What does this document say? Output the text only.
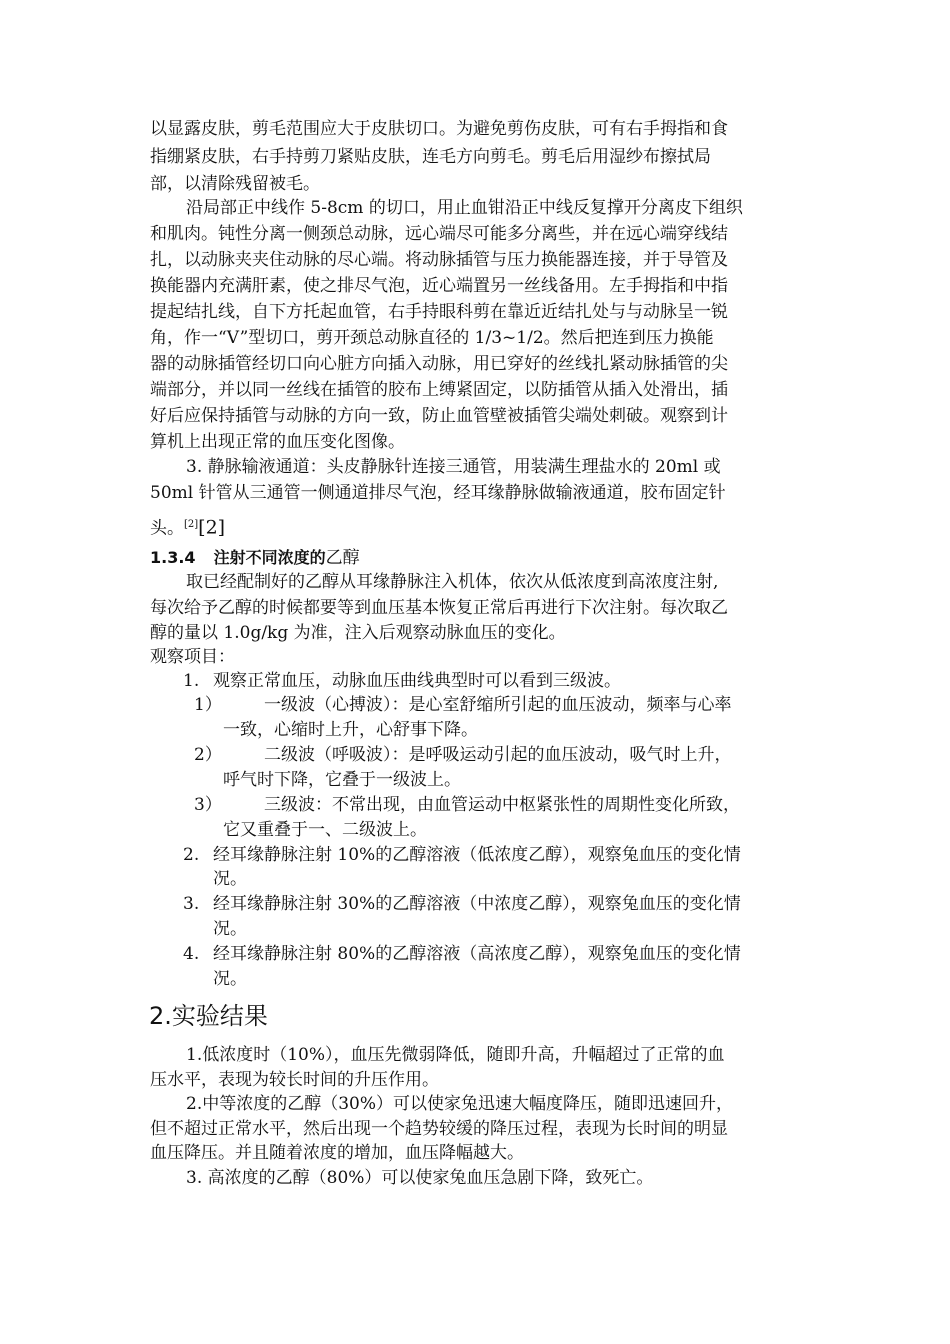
以显露皮肤，剪毛范围应大于皮肤切口。为避免剪伤皮肤，可有右手拇指和食
指绷紧皮肤，右手持剪刀紧贴皮肤，连毛方向剪毛。剪毛后用湿纱布擦拭局
部，以清除残留被毛。
沿局部正中线作 5-8cm 的切口，用止血钳沿正中线反复撑开分离皮下组织
和肌肉。钝性分离一侧颈总动脉，远心端尽可能多分离些，并在远心端穿线结
扎，以动脉夹夹住动脉的尽心端。将动脉插管与压力换能器连接，并于导管及
换能器内充满肝素，使之排尽气泡，近心端置另一丝线备用。左手拇指和中指
提起结扎线，自下方托起血管，右手持眼科剪在靠近近结扎处与与动脉呈一锐
角，作一“V”型切口，剪开颈总动脉直径的 1/3~1/2。然后把连到压力换能
器的动脉插管经切口向心脏方向插入动脉，用已穿好的丝线扎紧动脉插管的尖
端部分，并以同一丝线在插管的胶布上缚紧固定，以防插管从插入处滑出，插
好后应保持插管与动脉的方向一致，防止血管壁被插管尖端处刺破。观察到计
算机上出现正常的血压变化图像。
3. 静脉输液通道：头皮静脉针连接三通管，用装满生理盐水的 20ml 或
50ml 针管从三通管一侧通道排尽气泡，经耳缘静脉做输液通道，胶布固定针
头。[2][2]
1.3.4 注射不同浓度的乙醇
取已经配制好的乙醇从耳缘静脉注入机体，依次从低浓度到高浓度注射,
每次给予乙醇的时候都要等到血压基本恢复正常后再进行下次注射。每次取乙
醇的量以 1.0g/kg 为准，注入后观察动脉血压的变化。
观察项目：
1. 观察正常血压，动脉血压曲线典型时可以看到三级波。
1） 一级波（心搏波）：是心室舒缩所引起的血压波动，频率与心率
一致，心缩时上升，心舒事下降。
2） 二级波（呼吸波）：是呼吸运动引起的血压波动，吸气时上升，
呼气时下降，它叠于一级波上。
3） 三级波：不常出现，由血管运动中枢紧张性的周期性变化所致，
它又重叠于一、二级波上。
2. 经耳缘静脉注射 10%的乙醇溶液（低浓度乙醇），观察兔血压的变化情
况。
3. 经耳缘静脉注射 30%的乙醇溶液（中浓度乙醇），观察兔血压的变化情
况。
4. 经耳缘静脉注射 80%的乙醇溶液（高浓度乙醇），观察兔血压的变化情
况。
2.实验结果
1.低浓度时（10%），血压先微弱降低，随即升高，升幅超过了正常的血
压水平，表现为较长时间的升压作用。
2.中等浓度的乙醇（30%）可以使家兔迅速大幅度降压，随即迅速回升，
但不超过正常水平，然后出现一个趋势较缓的降压过程，表现为长时间的明显
血压降压。并且随着浓度的增加，血压降幅越大。
3. 高浓度的乙醇（80%）可以使家兔血压急剧下降，致死亡。
